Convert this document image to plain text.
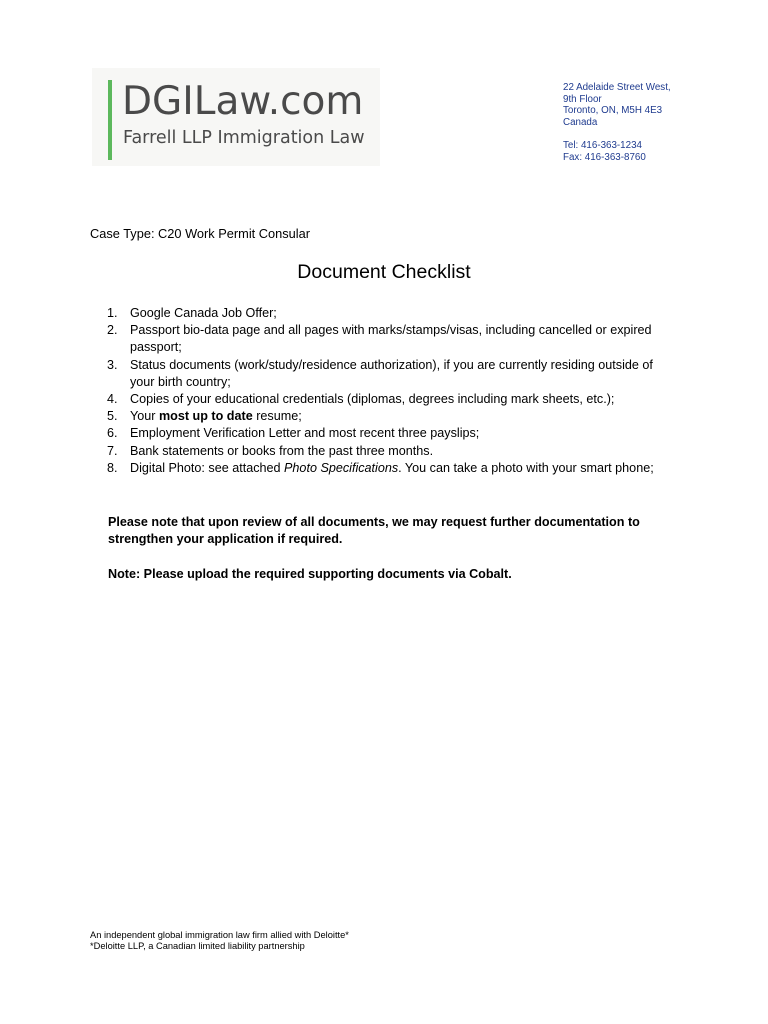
DGILaw.com
Farrell LLP Immigration Law
22 Adelaide Street West,
9th Floor
Toronto, ON, M5H 4E3
Canada
Tel: 416-363-1234
Fax: 416-363-8760
Case Type: C20 Work Permit Consular
Document Checklist
1. Google Canada Job Offer;
2. Passport bio-data page and all pages with marks/stamps/visas, including cancelled or expired passport;
3. Status documents (work/study/residence authorization), if you are currently residing outside of your birth country;
4. Copies of your educational credentials (diplomas, degrees including mark sheets, etc.);
5. Your most up to date resume;
6. Employment Verification Letter and most recent three payslips;
7. Bank statements or books from the past three months.
8. Digital Photo: see attached Photo Specifications. You can take a photo with your smart phone;
Please note that upon review of all documents, we may request further documentation to strengthen your application if required.
Note: Please upload the required supporting documents via Cobalt.
An independent global immigration law firm allied with Deloitte*
*Deloitte LLP, a Canadian limited liability partnership
